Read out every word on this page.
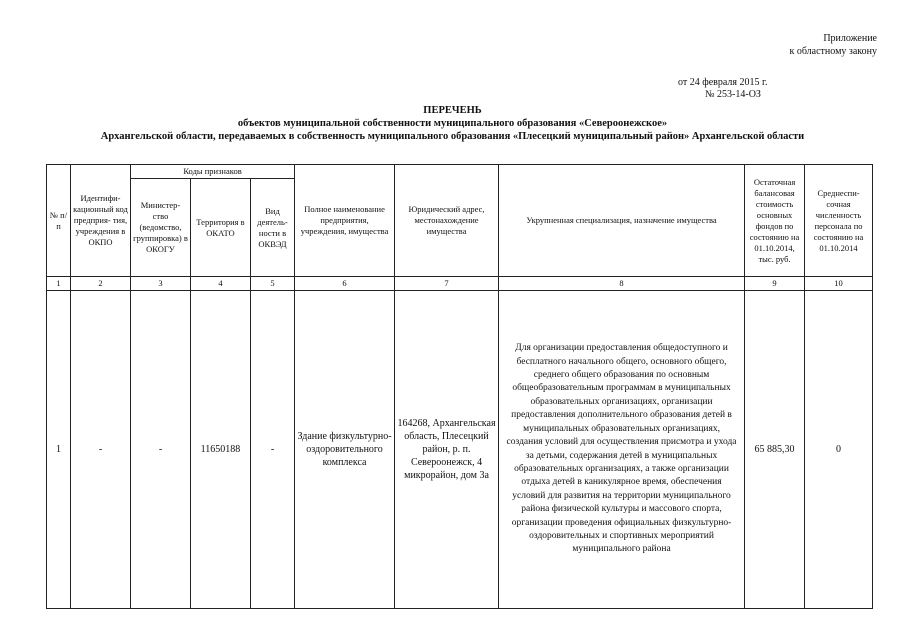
Приложение
к областному закону
от 24 февраля 2015 г.
№ 253-14-ОЗ
ПЕРЕЧЕНЬ
объектов муниципальной собственности муниципального образования «Североонежское»
Архангельской области, передаваемых в собственность муниципального образования «Плесецкий муниципальный район» Архангельской области
№ п/п	Идентифи- кационный код предприя- тия, учреждения в ОКПО	Коды признаков			Полное наименование предприятия, учреждения, имущества	Юридический адрес, местонахождение имущества	Укрупненная специализация, назначение имущества	Остаточная балансовая стоимость основных фондов по состоянию на 01.10.2014, тыс. руб.	Среднеспи- сочная численность персонала по состоянию на 01.10.2014
		Министер- ство (ведомство, группировка) в ОКОГУ	Территория в ОКАТО	Вид деятель- ности в ОКВЭД					
1	2	3	4	5	6	7	8	9	10
1	-	-	11650188	-	Здание физкультурно- оздоровительного комплекса	164268, Архангельская область, Плесецкий район, р. п. Североонежск, 4 микрорайон, дом 3а	Для организации предоставления общедоступного и бесплатного начального общего, основного общего, среднего общего образования по основным общеобразовательным программам в муниципальных образовательных организациях, организации предоставления дополнительного образования детей в муниципальных образовательных организациях, создания условий для осуществления присмотра и ухода за детьми, содержания детей в муниципальных образовательных организациях, а также организации отдыха детей в каникулярное время, обеспечения условий для развития на территории муниципального района физической культуры и массового спорта, организации проведения официальных физкультурно-оздоровительных и спортивных мероприятий муниципального района	65 885,30	0
